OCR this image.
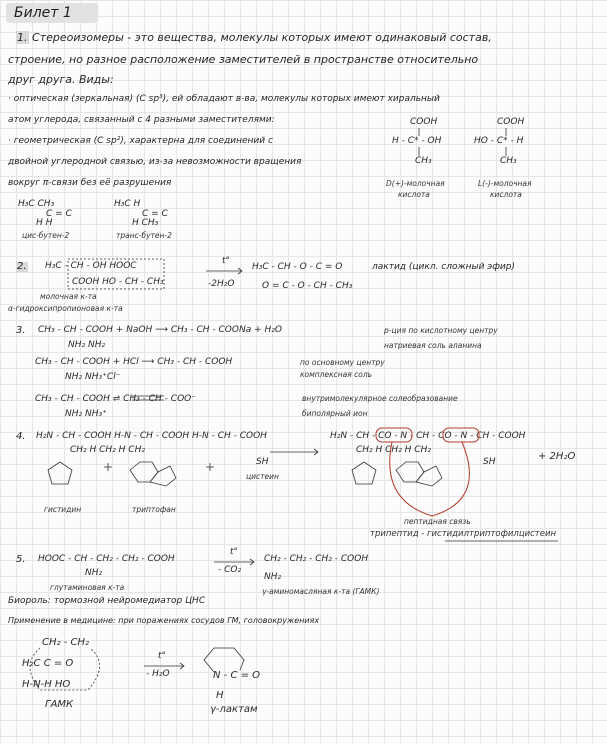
Билет 1
1. Стереоизомеры - это вещества, молекулы которых имеют одинаковый состав,
строение, но разное расположение заместителей в пространстве относительно
друг друга. Виды:
· оптическая (зеркальная) (С sp³), ей обладают в-ва, молекулы которых имеют хиральный
атом углерода, связанный с 4 разными заместителями:
· геометрическая (С sp²), характерна для соединений с
двойной углеродной связью, из-за невозможности вращения
вокруг π-связи без её разрушения
COOH
H - C* - OH
CH₃
D(+)-молочная
кислота
COOH
HO - C* - H
CH₃
L(-)-молочная
кислота
H₃C CH₃
C = C
H H
цис-бутен-2
H₃C H
C = C
H CH₃
транс-бутен-2
2. H₃C - CH - OH HOOC
COOH HO - CH - CH₃
молочная к-та
α-гидроксипропионовая к-та
t°
-2H₂O
H₃C - CH - O - C = O
O = C - O - CH - CH₃
лактид (цикл. сложный эфир)
3. CH₃ - CH - COOH + NaOH ⟶ CH₃ - CH - COONa + H₂O
NH₂ NH₂
р-ция по кислотному центру
натриевая соль аланина
CH₃ - CH - COOH + HCl ⟶ CH₃ - CH - COOH
NH₂ NH₃⁺Cl⁻
по основному центру
комплексная соль
CH₃ - CH - COOH ⇌ CH₃ - CH - COO⁻
NH₂ NH₃⁺
внутримолекулярное солеобразование
биполярный ион
4. H₂N - CH - COOH H-N - CH - COOH H-N - CH - COOH
CH₂ H CH₂ H CH₂
SH
гистидин	триптофан
цистеин
H₂N - CH - CO - N - CH - CO - N - CH - COOH
CH₂ H CH₂ H CH₂
SH	+ 2H₂O
пептидная связь
трипептид - гистидилтриптофилцистеин
5. HOOC - CH - CH₂ - CH₂ - COOH
NH₂
глутаминовая к-та
t°
- CO₂
CH₂ - CH₂ - CH₂ - COOH
NH₂
γ-аминомасляная к-та (ГАМК)
Биороль: тормозной нейромедиатор ЦНС
Применение в медицине: при поражениях сосудов ГМ, головокружениях
CH₂ - CH₂
H₂C C = O
H-N-H HO
ГАМК
t°
- H₂O	N - C = O
H
γ-лактам
